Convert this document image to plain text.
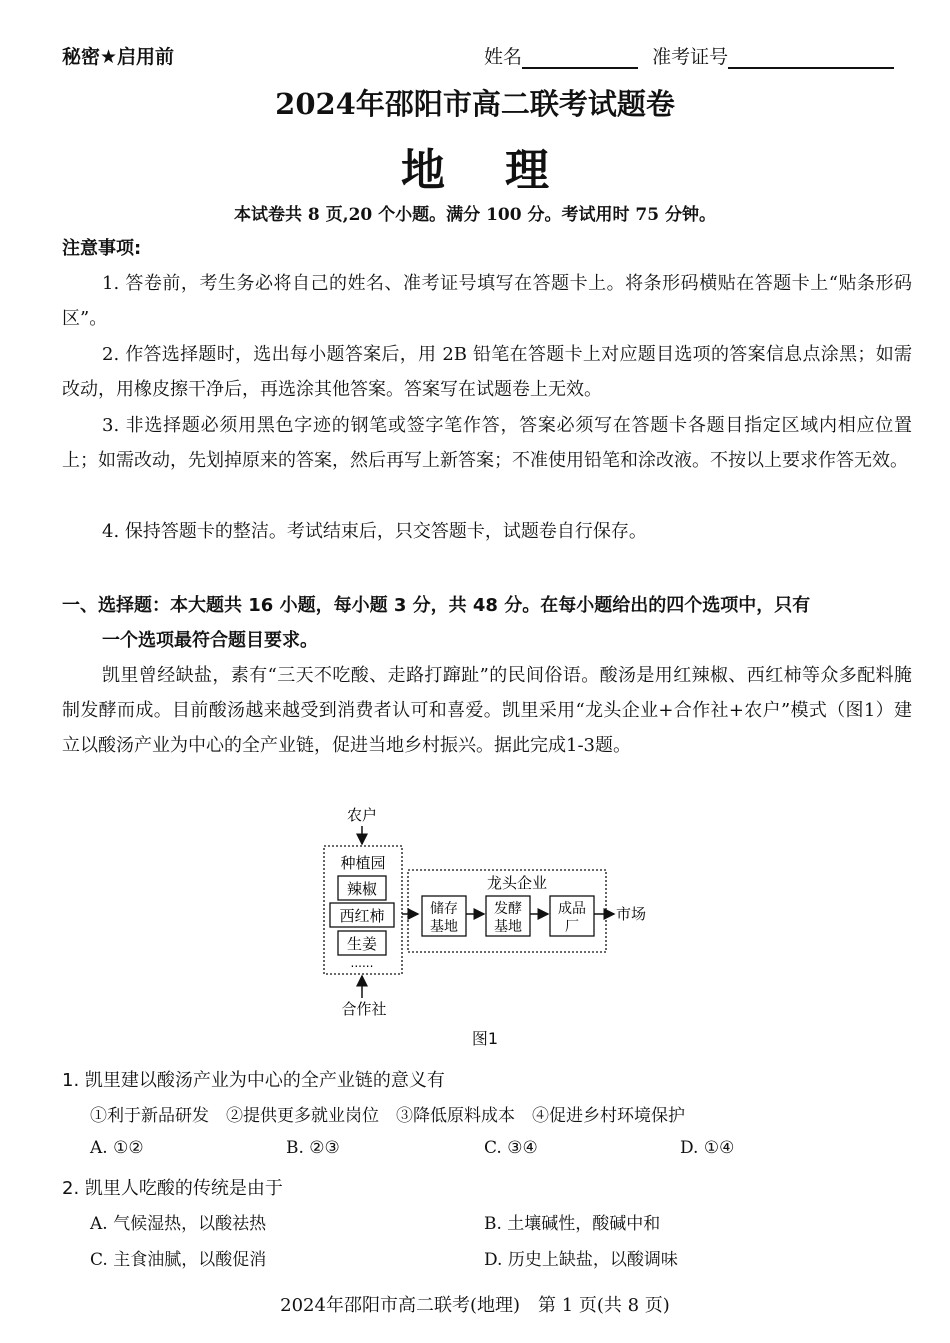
秘密★启用前	姓名	准考证号
2024年邵阳市高二联考试题卷
地理
本试卷共 8 页,20 个小题。满分 100 分。考试用时 75 分钟。
注意事项:
1. 答卷前，考生务必将自己的姓名、准考证号填写在答题卡上。将条形码横贴在答题卡上“贴条形码区”。
2. 作答选择题时，选出每小题答案后，用 2B 铅笔在答题卡上对应题目选项的答案信息点涂黑；如需改动，用橡皮擦干净后，再选涂其他答案。答案写在试题卷上无效。
3. 非选择题必须用黑色字迹的钢笔或签字笔作答，答案必须写在答题卡各题目指定区域内相应位置上；如需改动，先划掉原来的答案，然后再写上新答案；不准使用铅笔和涂改液。不按以上要求作答无效。
4. 保持答题卡的整洁。考试结束后，只交答题卡，试题卷自行保存。
一、选择题：本大题共 16 小题，每小题 3 分，共 48 分。在每小题给出的四个选项中，只有
一个选项最符合题目要求。
凯里曾经缺盐，素有“三天不吃酸、走路打蹿趾”的民间俗语。酸汤是用红辣椒、西红柿等众多配料腌制发酵而成。目前酸汤越来越受到消费者认可和喜爱。凯里采用“龙头企业+合作社+农户”模式（图1）建立以酸汤产业为中心的全产业链，促进当地乡村振兴。据此完成1-3题。
农户
种植园
辣椒
西红柿
生姜
......
合作社
龙头企业
储存
基地
发酵
基地
成品
厂
市场
图1
1. 凯里建以酸汤产业为中心的全产业链的意义有
①利于新品研发　②提供更多就业岗位　③降低原料成本　④促进乡村环境保护
A. ①②	B. ②③	C. ③④	D. ①④
2. 凯里人吃酸的传统是由于
A. 气候湿热，以酸祛热	B. 土壤碱性，酸碱中和
C. 主食油腻，以酸促消	D. 历史上缺盐，以酸调味
2024年邵阳市高二联考(地理)　第 1 页(共 8 页)
